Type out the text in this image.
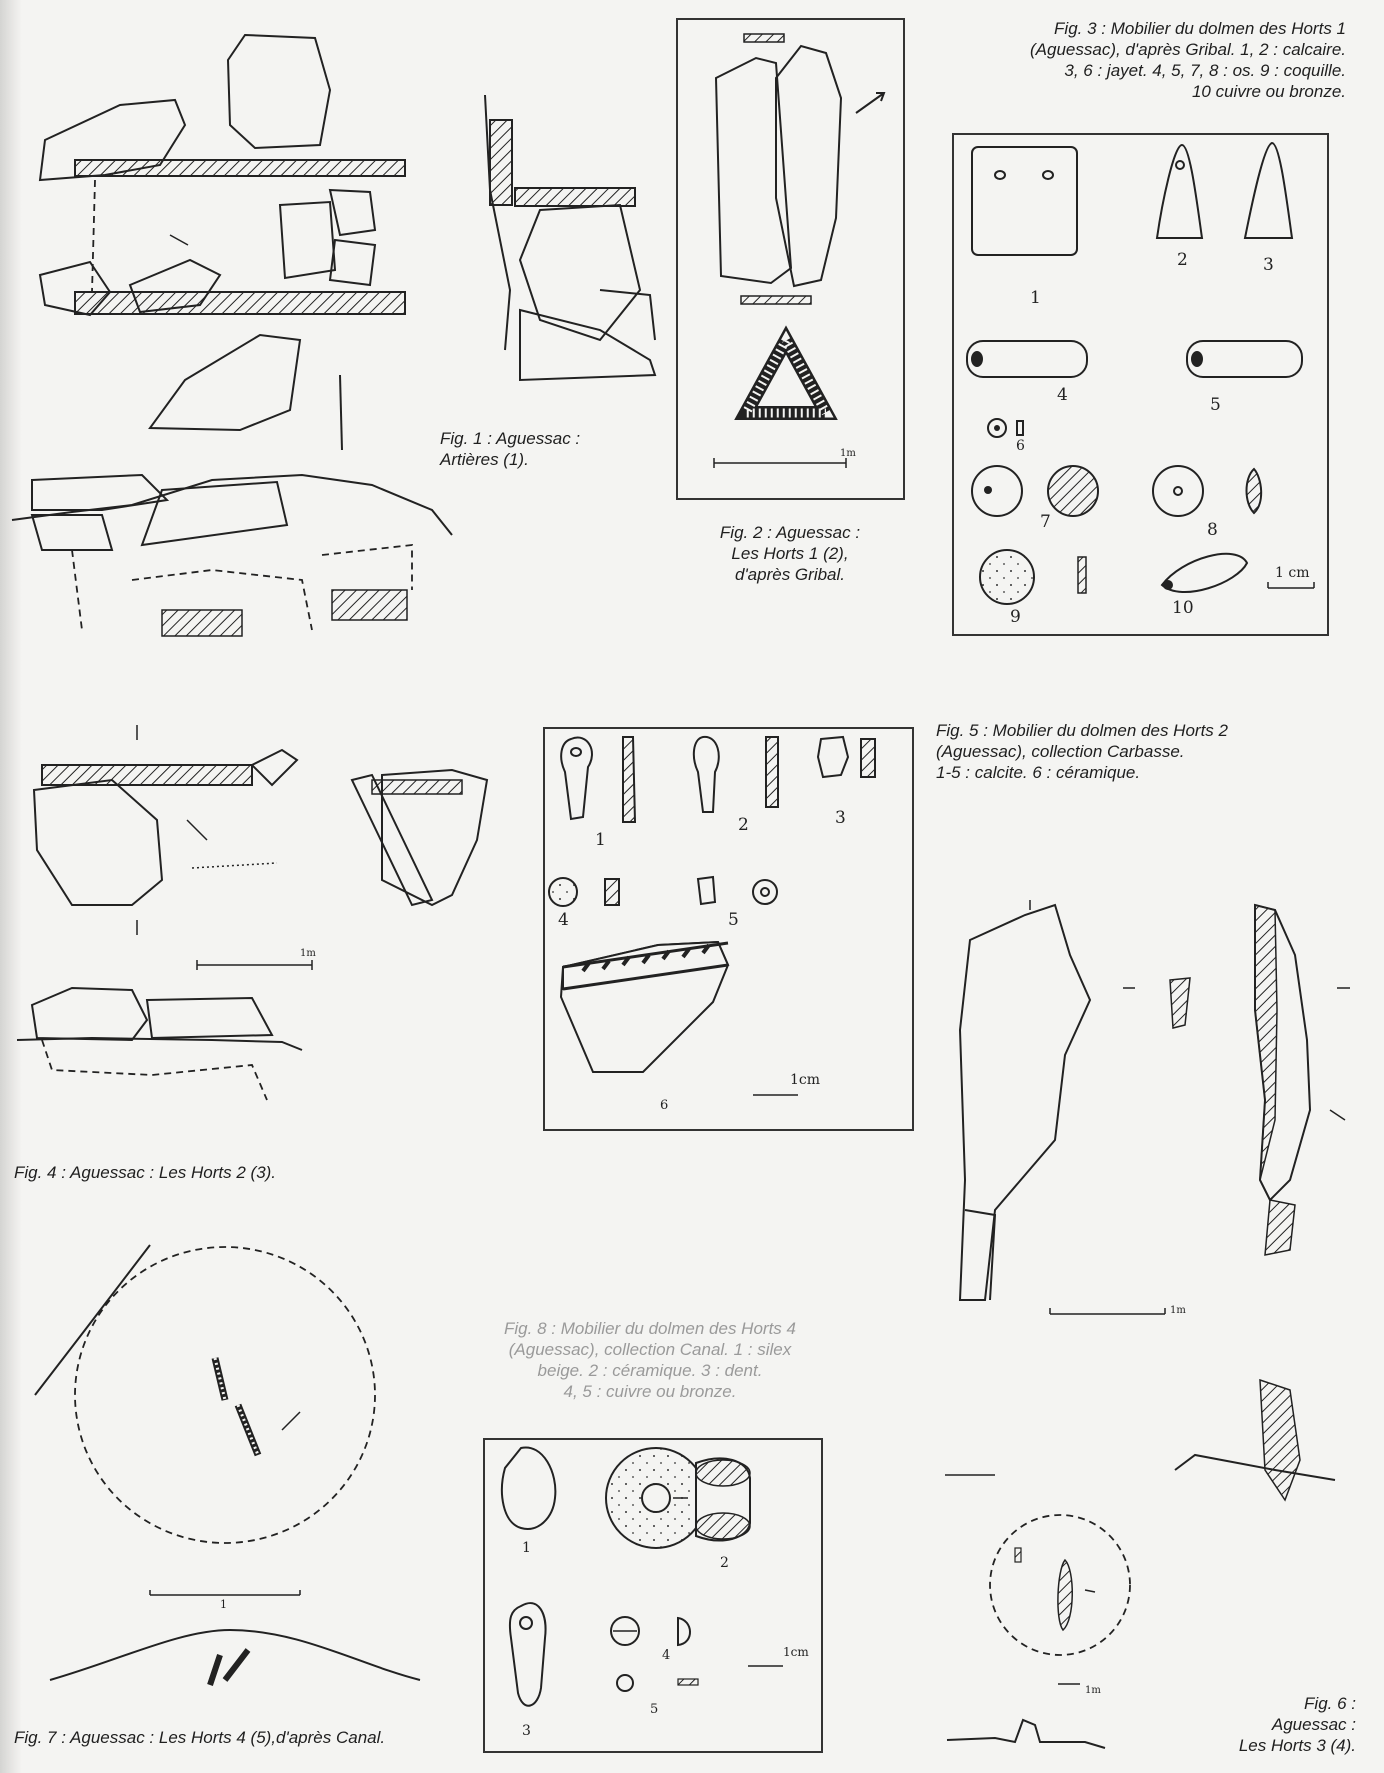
Fig. 1 : Aguessac :
Artières (1).	1m
Fig. 2 : Aguessac :
Les Horts 1 (2),
d'après Gribal.
Fig. 3 : Mobilier du dolmen des Horts 1
(Aguessac), d'après Gribal. 1, 2 : calcaire.
3, 6 : jayet. 4, 5, 7, 8 : os. 9 : coquille.
10 cuivre ou bronze.
1
2	3
4	5
6
7	8
9	10
1 cm
1m
Fig. 4 : Aguessac : Les Horts 2 (3).
Fig. 5 : Mobilier du dolmen des Horts 2
(Aguessac), collection Carbasse.
1-5 : calcite. 6 : céramique.
1
2	3
4	5
6
1cm
1m
1m
Fig. 6 :
Aguessac :
Les Horts 3 (4).
1
Fig. 7 : Aguessac : Les Horts 4 (5),d'après Canal.
Fig. 8 : Mobilier du dolmen des Horts 4
(Aguessac), collection Canal. 1 : silex
beige. 2 : céramique. 3 : dent.
4, 5 : cuivre ou bronze.
1
2
3
4
5
1cm
